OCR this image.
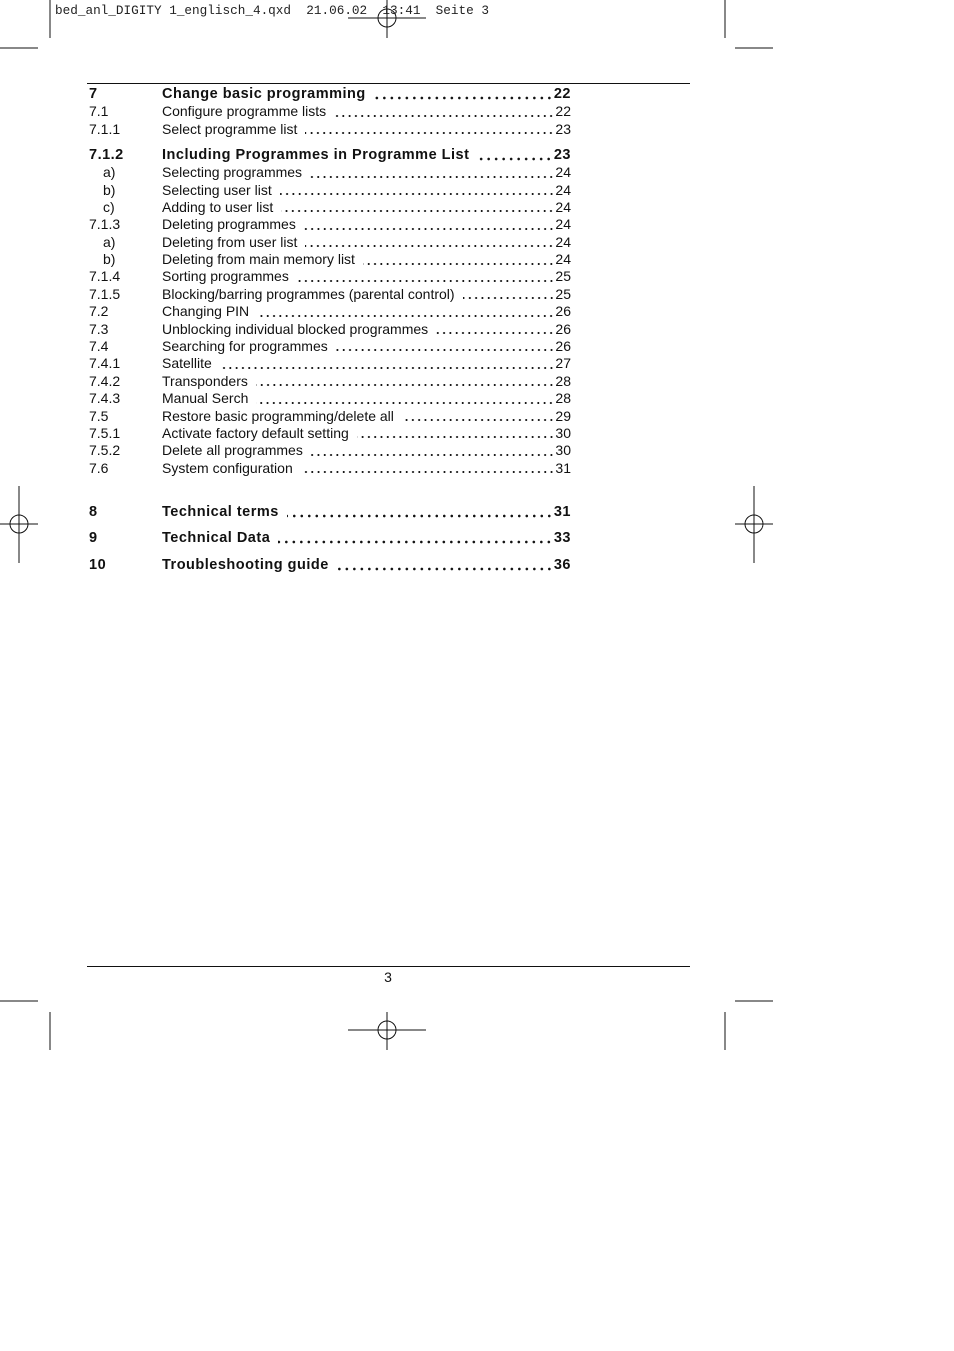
bed_anl_DIGITY 1_englisch_4.qxd  21.06.02  13:41  Seite 3
7	Change basic programming	22
7.1	Configure programme lists	22
7.1.1	Select programme list	23
7.1.2	Including Programmes in Programme List	23
a)	Selecting programmes	24
b)	Selecting user list	24
c)	Adding to user list	24
7.1.3	Deleting programmes	24
a)	Deleting from user list	24
b)	Deleting from main memory list	24
7.1.4	Sorting programmes	25
7.1.5	Blocking/barring programmes (parental control)	25
7.2	Changing PIN	26
7.3	Unblocking individual blocked programmes	26
7.4	Searching for programmes	26
7.4.1	Satellite	27
7.4.2	Transponders	28
7.4.3	Manual Serch	28
7.5	Restore basic programming/delete all	29
7.5.1	Activate factory default setting	30
7.5.2	Delete all programmes	30
7.6	System configuration	31
8	Technical terms	31
9	Technical Data	33
10	Troubleshooting guide	36
3
